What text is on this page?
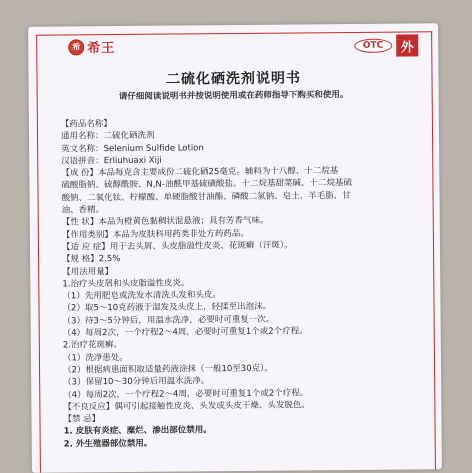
希 希王	OTC	外
二硫化硒洗剂说明书
请仔细阅读说明书并按说明使用或在药师指导下购买和使用。
【药品名称】
通用名称：二硫化硒洗剂
英文名称：Selenium Sulfide Lotion
汉语拼音：Erliuhuaxi Xiji
【成 份】本品每克含主要成份二硫化硒25毫克。辅料为十八醇、十二烷基
硫酸脂钠、硫醇酰胺、N,N-油酰甲基硫磺酸盐、十二烷基甜菜碱、十二烷基硫
酸钠、二氧化钛、柠檬酸、单硬脂酸甘油酯、磷酸二氢钠、皂土、羊毛脂、甘
油、香精。
【性 状】本品为橙黄色黏稠状混悬液；具有芳香气味。
【作用类别】本品为皮肤科用药类非处方药药品。
【适 应 症】用于去头屑、头皮脂溢性皮炎、花斑癣（汗斑）。
【规 格】2.5%
【用法用量】
1.治疗头皮屑和头皮脂溢性皮炎。
（1）先用肥皂或洗发水清洗头发和头皮。
（2）取5～10克药液于湿发及头皮上，轻揉至出泡沫。
（3）待3～5分钟后，用温水洗净，必要时可重复一次。
（4）每周2次，一个疗程2～4周，必要时可重复1个或2个疗程。
2.治疗花斑癣。
（1）洗净患处。
（2）根据病患面积取适量药液涂抹（一般10至30克）。
（3）保留10～30分钟后用温水洗净。
（4）每周2次，一个疗程2～4周，必要时可重复1个或2个疗程。
【不良反应】偶可引起接触性皮炎、头发或头皮干燥、头发脱色。
【禁 忌】
1. 皮肤有炎症、糜烂、渗出部位禁用。
2. 外生殖器部位禁用。
